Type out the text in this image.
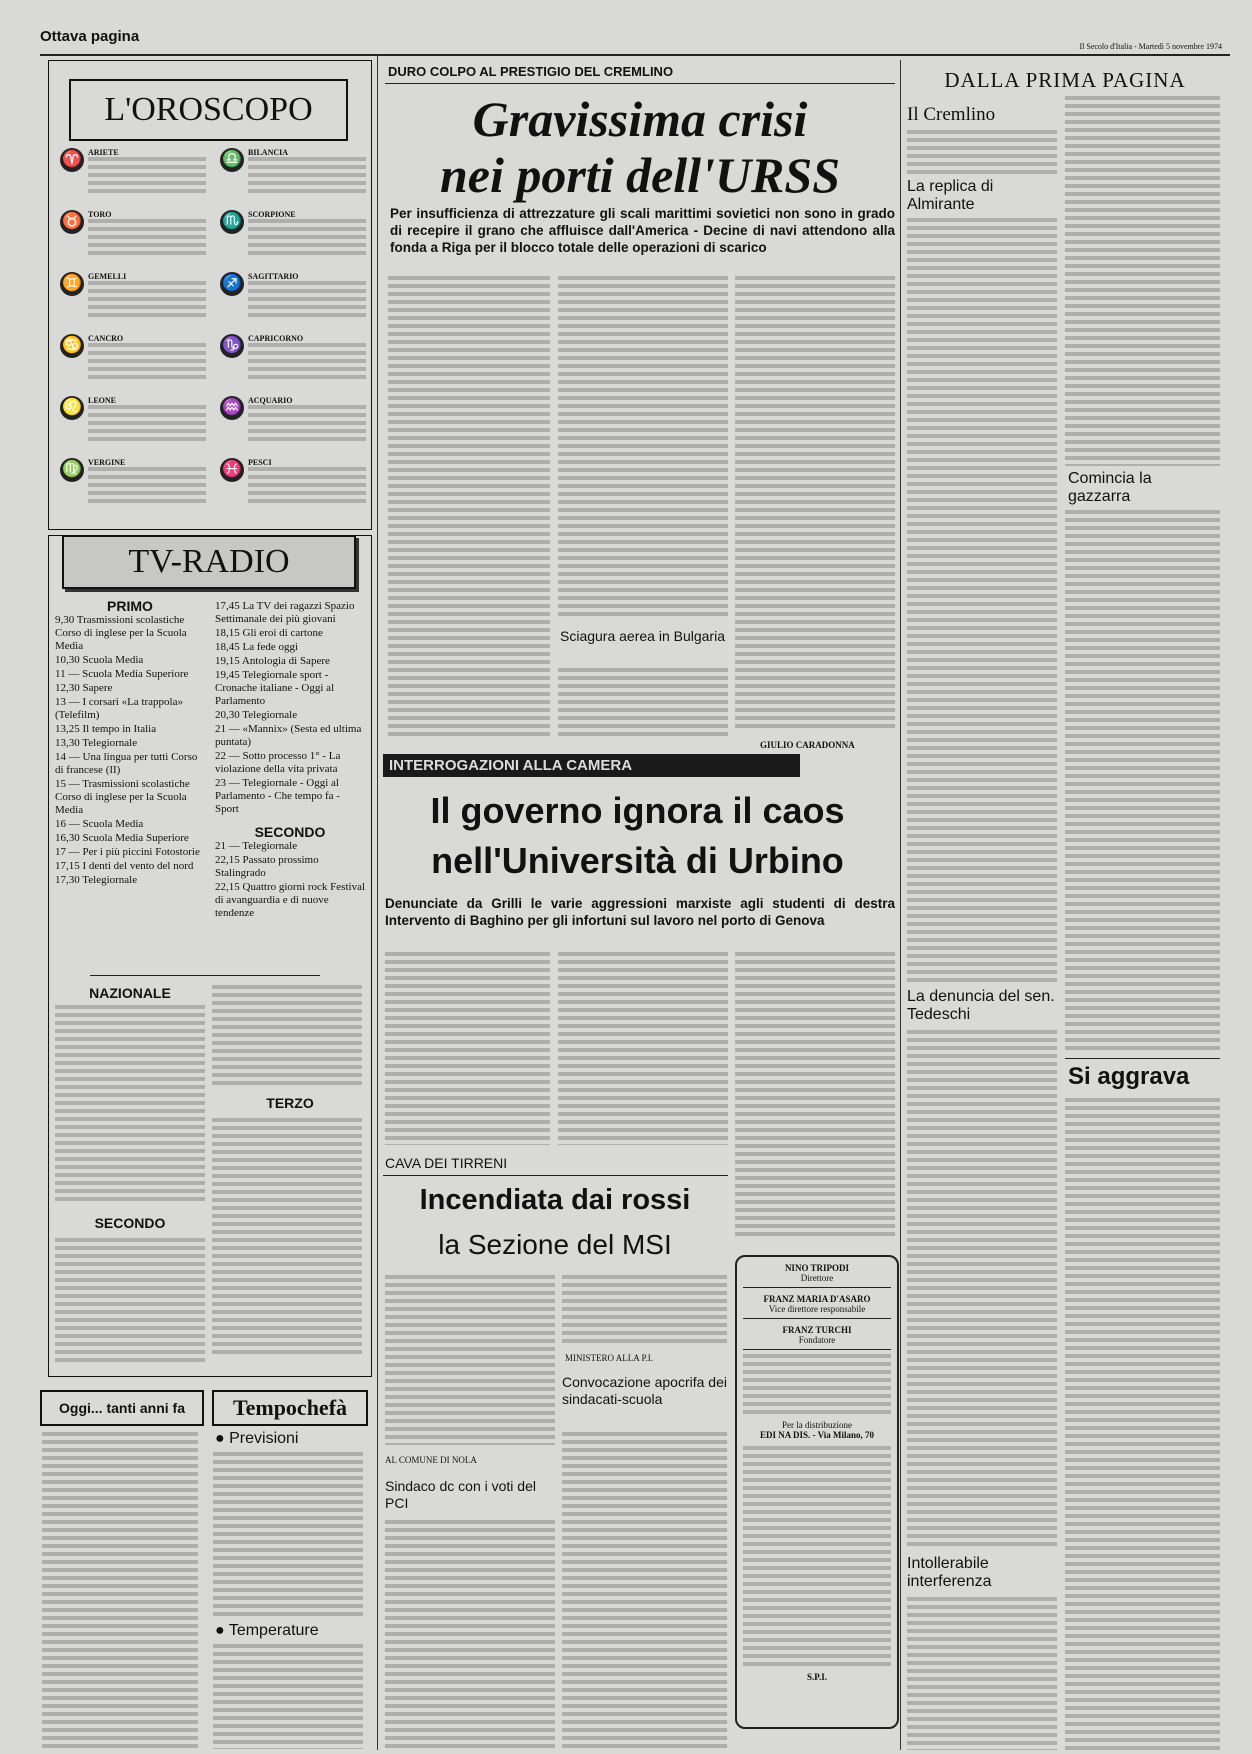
Ottava pagina
Il Secolo d'Italia - Martedì 5 novembre 1974
L'OROSCOPO
♈ ARIETE	♎ BILANCIA
♉ TORO	♏ SCORPIONE
♊ GEMELLI	♐ SAGITTARIO
♋ CANCRO	♑ CAPRICORNO
♌ LEONE	♒ ACQUARIO
♍ VERGINE	♓ PESCI
TV-RADIO
PRIMO
9,30 Trasmissioni scolastiche Corso di inglese per la Scuola Media
10,30 Scuola Media
11 — Scuola Media Superiore
12,30 Sapere
13 — I corsari «La trappola» (Telefilm)
13,25 Il tempo in Italia
13,30 Telegiornale
14 — Una lingua per tutti Corso di francese (II)
15 — Trasmissioni scolastiche Corso di inglese per la Scuola Media
16 — Scuola Media
16,30 Scuola Media Superiore
17 — Per i più piccini Fotostorie
17,15 I denti del vento del nord
17,30 Telegiornale
17,45 La TV dei ragazzi Spazio Settimanale dei più giovani
18,15 Gli eroi di cartone
18,45 La fede oggi
19,15 Antologia di Sapere
19,45 Telegiornale sport - Cronache italiane - Oggi al Parlamento
20,30 Telegiornale
21 — «Mannix» (Sesta ed ultima puntata)
22 — Sotto processo 1° - La violazione della vita privata
23 — Telegiornale - Oggi al Parlamento - Che tempo fa - Sport
SECONDO
21 — Telegiornale
22,15 Passato prossimo Stalingrado
22,15 Quattro giorni rock Festival di avanguardia e di nuove tendenze
NAZIONALE
TERZO
SECONDO
Oggi... tanti anni fa	Tempochefà
● Previsioni
● Temperature
DURO COLPO AL PRESTIGIO DEL CREMLINO
Gravissima crisi
nei porti dell'URSS
Per insufficienza di attrezzature gli scali marittimi sovietici non sono in grado di recepire il grano che affluisce dall'America - Decine di navi attendono alla fonda a Riga per il blocco totale delle operazioni di scarico
Sciagura aerea in Bulgaria
GIULIO CARADONNA
INTERROGAZIONI ALLA CAMERA
Il governo ignora il caos
nell'Università di Urbino
Denunciate da Grilli le varie aggressioni marxiste agli studenti di destra Intervento di Baghino per gli infortuni sul lavoro nel porto di Genova
CAVA DEI TIRRENI
Incendiata dai rossi
la Sezione del MSI
MINISTERO ALLA P.I.
Convocazione apocrifa dei sindacati-scuola
AL COMUNE DI NOLA
Sindaco dc con i voti del PCI
NINO TRIPODI
Direttore
FRANZ MARIA D'ASARO
Vice direttore responsabile
FRANZ TURCHI
Fondatore
Per la distribuzione
EDI NA DIS. - Via Milano, 70
S.P.I.
DALLA PRIMA PAGINA
Il Cremlino
La replica di Almirante
Comincia la gazzarra
La denuncia del sen. Tedeschi
Si aggrava
Intollerabile interferenza
